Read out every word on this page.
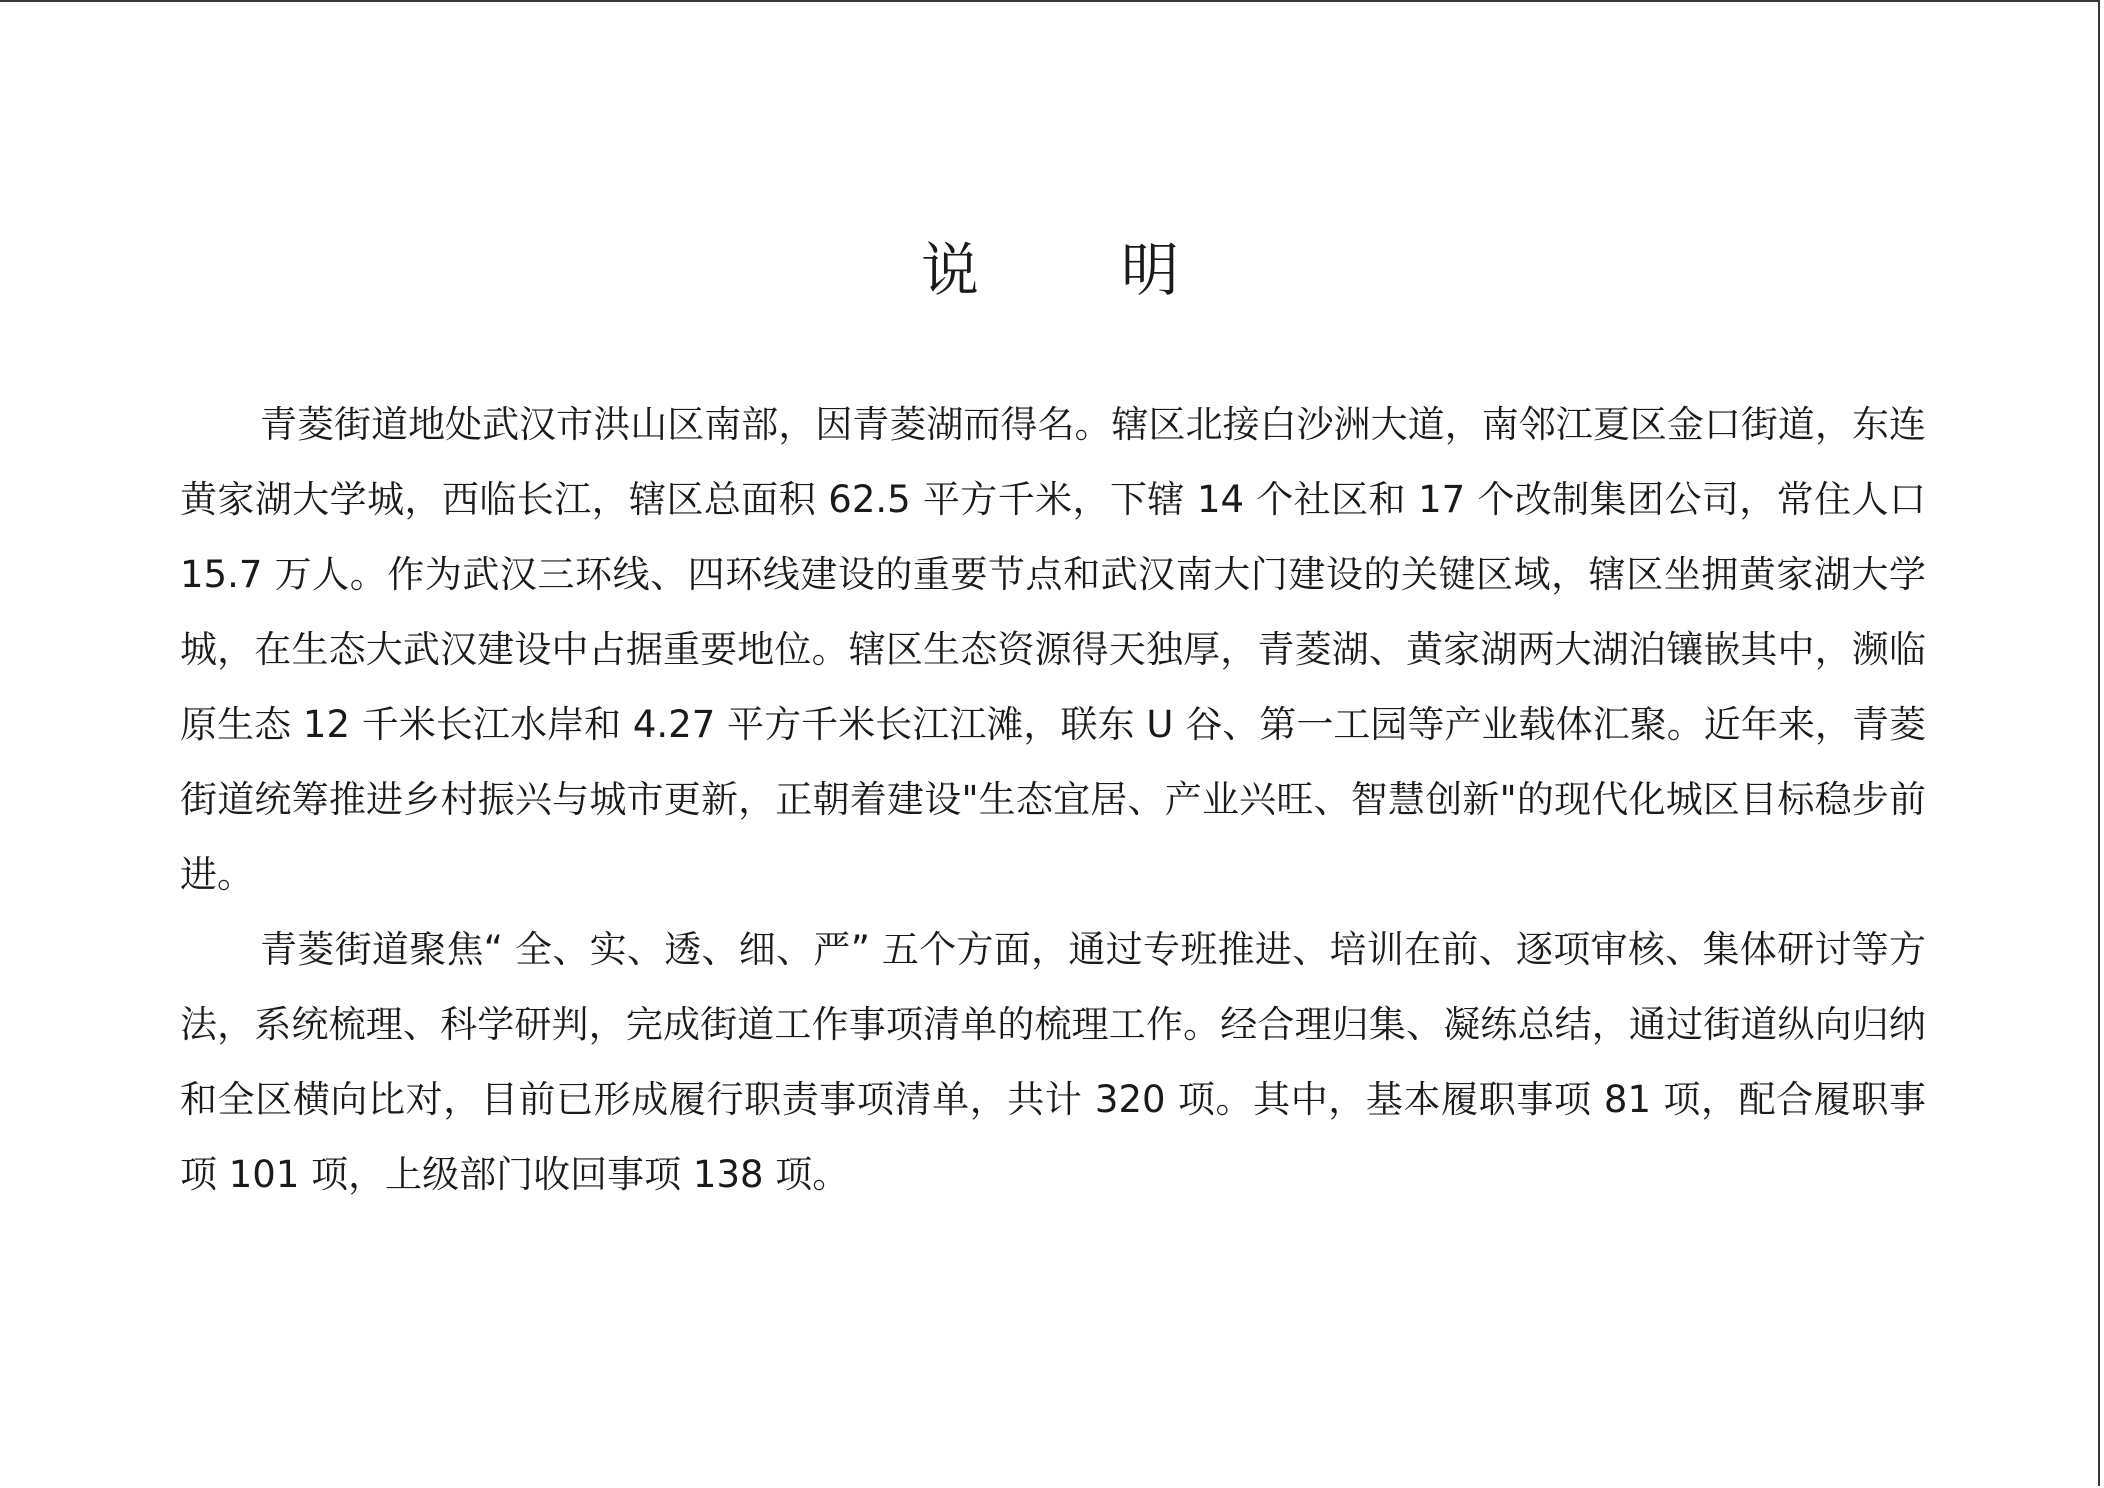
说　明

青菱街道地处武汉市洪山区南部，因青菱湖而得名。辖区北接白沙洲大道，南邻江夏区金口街道，东连黄家湖大学城，西临长江，辖区总面积 62.5 平方千米，下辖 14 个社区和 17 个改制集团公司，常住人口 15.7 万人。作为武汉三环线、四环线建设的重要节点和武汉南大门建设的关键区域，辖区坐拥黄家湖大学城，在生态大武汉建设中占据重要地位。辖区生态资源得天独厚，青菱湖、黄家湖两大湖泊镶嵌其中，濒临原生态 12 千米长江水岸和 4.27 平方千米长江江滩，联东 U 谷、第一工园等产业载体汇聚。近年来，青菱街道统筹推进乡村振兴与城市更新，正朝着建设"生态宜居、产业兴旺、智慧创新"的现代化城区目标稳步前进。

青菱街道聚焦“ 全、实、透、细、严” 五个方面，通过专班推进、培训在前、逐项审核、集体研讨等方法，系统梳理、科学研判，完成街道工作事项清单的梳理工作。经合理归集、凝练总结，通过街道纵向归纳和全区横向比对，目前已形成履行职责事项清单，共计 320 项。其中，基本履职事项 81 项，配合履职事项 101 项，上级部门收回事项 138 项。
